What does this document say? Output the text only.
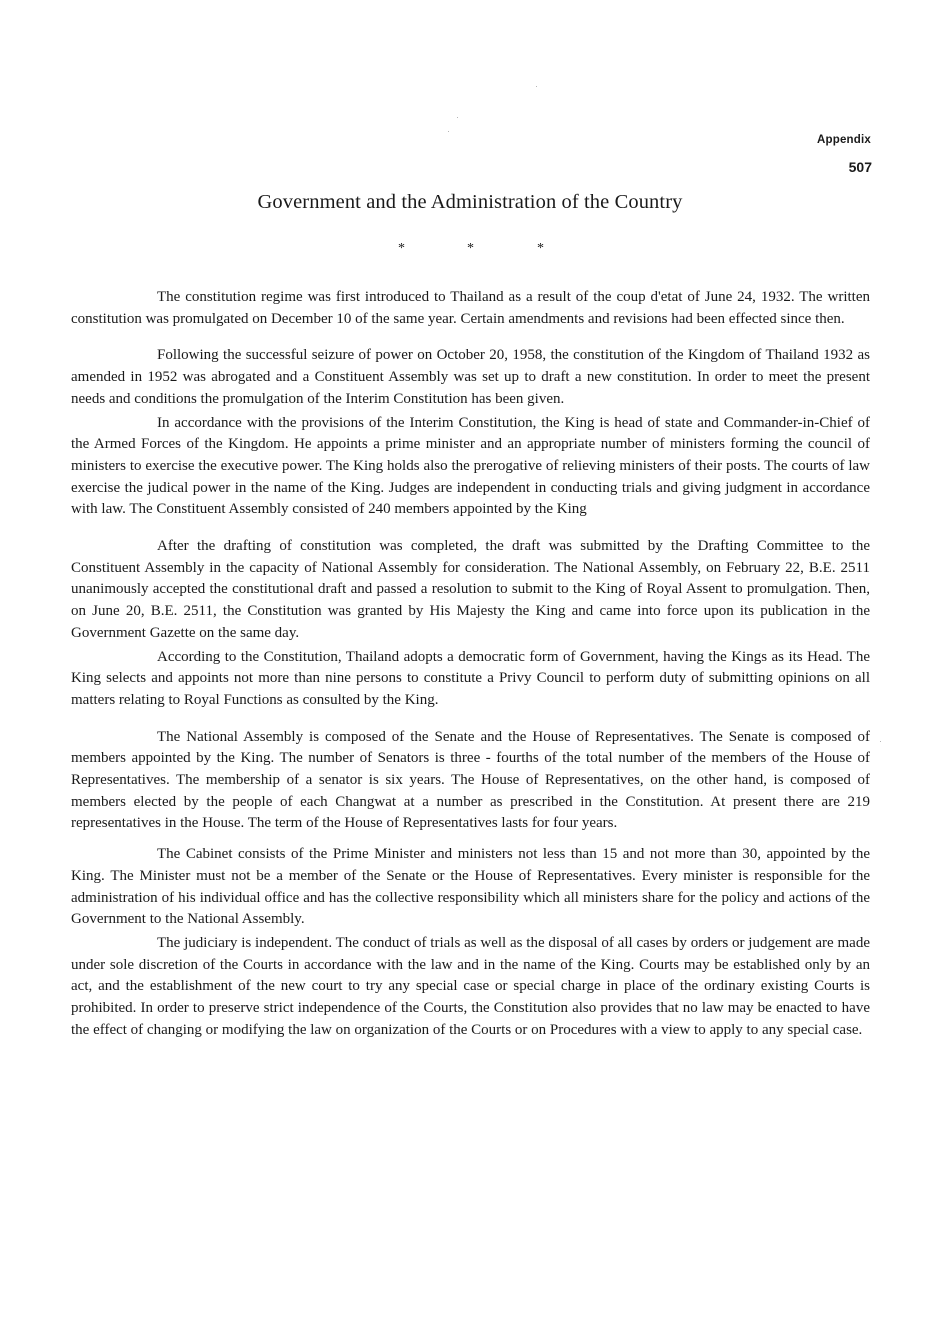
Appendix
507
Government and the Administration of the Country
*	*	*

The constitution regime was first introduced to Thailand as a result of the coup d'etat of June 24, 1932. The written constitution was promulgated on December 10 of the same year. Certain amendments and revisions had been effected since then.

Following the successful seizure of power on October 20, 1958, the constitution of the Kingdom of Thailand 1932 as amended in 1952 was abrogated and a Constituent Assembly was set up to draft a new constitution. In order to meet the present needs and conditions the promulgation of the Interim Constitution has been given.

In accordance with the provisions of the Interim Constitution, the King is head of state and Commander-in-Chief of the Armed Forces of the Kingdom. He appoints a prime minister and an appropriate number of ministers forming the council of ministers to exercise the executive power. The King holds also the prerogative of relieving ministers of their posts. The courts of law exercise the judical power in the name of the King. Judges are independent in conducting trials and giving judgment in accordance with law. The Constituent Assembly consisted of 240 members appointed by the King

After the drafting of constitution was completed, the draft was submitted by the Drafting Committee to the Constituent Assembly in the capacity of National Assembly for consideration. The National Assembly, on February 22, B.E. 2511 unanimously accepted the constitutional draft and passed a resolution to submit to the King of Royal Assent to promulgation. Then, on June 20, B.E. 2511, the Constitution was granted by His Majesty the King and came into force upon its publication in the Government Gazette on the same day.

According to the Constitution, Thailand adopts a democratic form of Government, having the Kings as its Head. The King selects and appoints not more than nine persons to constitute a Privy Council to perform duty of submitting opinions on all matters relating to Royal Functions as consulted by the King.

The National Assembly is composed of the Senate and the House of Representatives. The Senate is composed of members appointed by the King. The number of Senators is three - fourths of the total number of the members of the House of Representatives. The membership of a senator is six years. The House of Representatives, on the other hand, is composed of members elected by the people of each Changwat at a number as prescribed in the Constitution. At present there are 219 representatives in the House. The term of the House of Representatives lasts for four years.

The Cabinet consists of the Prime Minister and ministers not less than 15 and not more than 30, appointed by the King. The Minister must not be a member of the Senate or the House of Representatives. Every minister is responsible for the administration of his individual office and has the collective responsibility which all ministers share for the policy and actions of the Government to the National Assembly.

The judiciary is independent. The conduct of trials as well as the disposal of all cases by orders or judgement are made under sole discretion of the Courts in accordance with the law and in the name of the King. Courts may be established only by an act, and the establishment of the new court to try any special case or special charge in place of the ordinary existing Courts is prohibited. In order to preserve strict independence of the Courts, the Constitution also provides that no law may be enacted to have the effect of changing or modifying the law on organization of the Courts or on Procedures with a view to apply to any special case.
